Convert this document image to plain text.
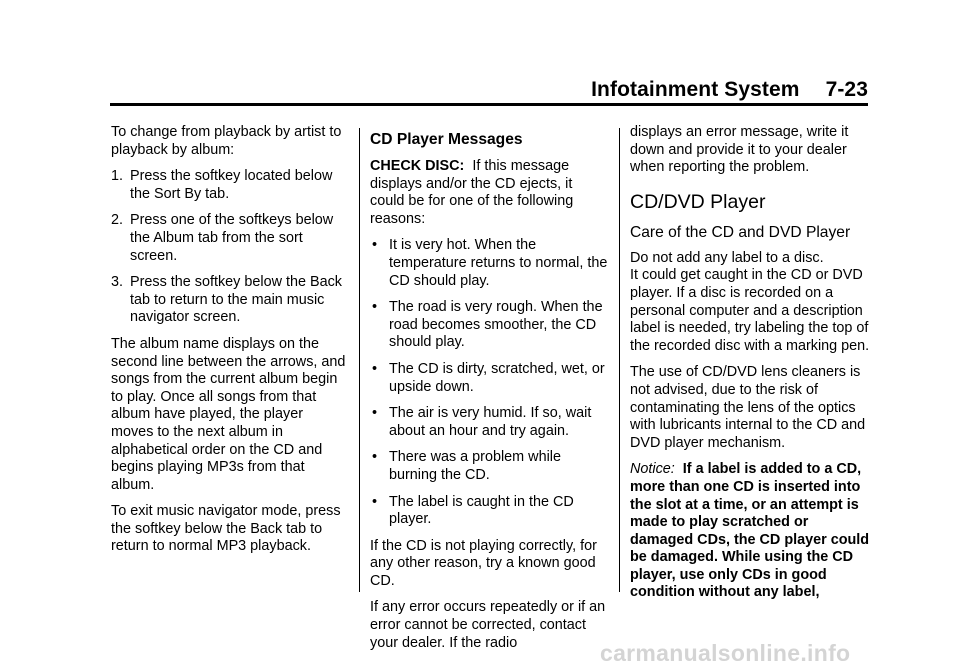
Infotainment System 7-23

To change from playback by artist to playback by album:

1. Press the softkey located below the Sort By tab.
2. Press one of the softkeys below the Album tab from the sort screen.
3. Press the softkey below the Back tab to return to the main music navigator screen.

The album name displays on the second line between the arrows, and songs from the current album begin to play. Once all songs from that album have played, the player moves to the next album in alphabetical order on the CD and begins playing MP3s from that album.

To exit music navigator mode, press the softkey below the Back tab to return to normal MP3 playback.

CD Player Messages

CHECK DISC: If this message displays and/or the CD ejects, it could be for one of the following reasons:

• It is very hot. When the temperature returns to normal, the CD should play.
• The road is very rough. When the road becomes smoother, the CD should play.
• The CD is dirty, scratched, wet, or upside down.
• The air is very humid. If so, wait about an hour and try again.
• There was a problem while burning the CD.
• The label is caught in the CD player.

If the CD is not playing correctly, for any other reason, try a known good CD.

If any error occurs repeatedly or if an error cannot be corrected, contact your dealer. If the radio

displays an error message, write it down and provide it to your dealer when reporting the problem.

CD/DVD Player
Care of the CD and DVD Player

Do not add any label to a disc.
It could get caught in the CD or DVD player. If a disc is recorded on a personal computer and a description label is needed, try labeling the top of the recorded disc with a marking pen.

The use of CD/DVD lens cleaners is not advised, due to the risk of contaminating the lens of the optics with lubricants internal to the CD and DVD player mechanism.

Notice: If a label is added to a CD, more than one CD is inserted into the slot at a time, or an attempt is made to play scratched or damaged CDs, the CD player could be damaged. While using the CD player, use only CDs in good condition without any label,

carmanualsonline.info
